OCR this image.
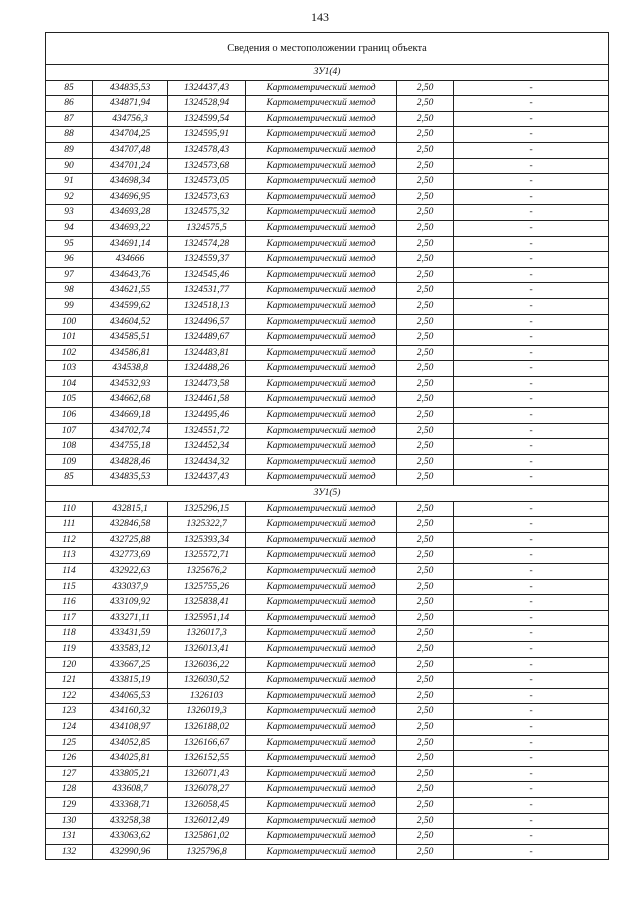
143
Сведения о местоположении границ объекта					
ЗУ1(4)					
85	434835,53	1324437,43	Картометрический метод	2,50	-
86	434871,94	1324528,94	Картометрический метод	2,50	-
87	434756,3	1324599,54	Картометрический метод	2,50	-
88	434704,25	1324595,91	Картометрический метод	2,50	-
89	434707,48	1324578,43	Картометрический метод	2,50	-
90	434701,24	1324573,68	Картометрический метод	2,50	-
91	434698,34	1324573,05	Картометрический метод	2,50	-
92	434696,95	1324573,63	Картометрический метод	2,50	-
93	434693,28	1324575,32	Картометрический метод	2,50	-
94	434693,22	1324575,5	Картометрический метод	2,50	-
95	434691,14	1324574,28	Картометрический метод	2,50	-
96	434666	1324559,37	Картометрический метод	2,50	-
97	434643,76	1324545,46	Картометрический метод	2,50	-
98	434621,55	1324531,77	Картометрический метод	2,50	-
99	434599,62	1324518,13	Картометрический метод	2,50	-
100	434604,52	1324496,57	Картометрический метод	2,50	-
101	434585,51	1324489,67	Картометрический метод	2,50	-
102	434586,81	1324483,81	Картометрический метод	2,50	-
103	434538,8	1324488,26	Картометрический метод	2,50	-
104	434532,93	1324473,58	Картометрический метод	2,50	-
105	434662,68	1324461,58	Картометрический метод	2,50	-
106	434669,18	1324495,46	Картометрический метод	2,50	-
107	434702,74	1324551,72	Картометрический метод	2,50	-
108	434755,18	1324452,34	Картометрический метод	2,50	-
109	434828,46	1324434,32	Картометрический метод	2,50	-
85	434835,53	1324437,43	Картометрический метод	2,50	-
ЗУ1(5)					
110	432815,1	1325296,15	Картометрический метод	2,50	-
111	432846,58	1325322,7	Картометрический метод	2,50	-
112	432725,88	1325393,34	Картометрический метод	2,50	-
113	432773,69	1325572,71	Картометрический метод	2,50	-
114	432922,63	1325676,2	Картометрический метод	2,50	-
115	433037,9	1325755,26	Картометрический метод	2,50	-
116	433109,92	1325838,41	Картометрический метод	2,50	-
117	433271,11	1325951,14	Картометрический метод	2,50	-
118	433431,59	1326017,3	Картометрический метод	2,50	-
119	433583,12	1326013,41	Картометрический метод	2,50	-
120	433667,25	1326036,22	Картометрический метод	2,50	-
121	433815,19	1326030,52	Картометрический метод	2,50	-
122	434065,53	1326103	Картометрический метод	2,50	-
123	434160,32	1326019,3	Картометрический метод	2,50	-
124	434108,97	1326188,02	Картометрический метод	2,50	-
125	434052,85	1326166,67	Картометрический метод	2,50	-
126	434025,81	1326152,55	Картометрический метод	2,50	-
127	433805,21	1326071,43	Картометрический метод	2,50	-
128	433608,7	1326078,27	Картометрический метод	2,50	-
129	433368,71	1326058,45	Картометрический метод	2,50	-
130	433258,38	1326012,49	Картометрический метод	2,50	-
131	433063,62	1325861,02	Картометрический метод	2,50	-
132	432990,96	1325796,8	Картометрический метод	2,50	-
